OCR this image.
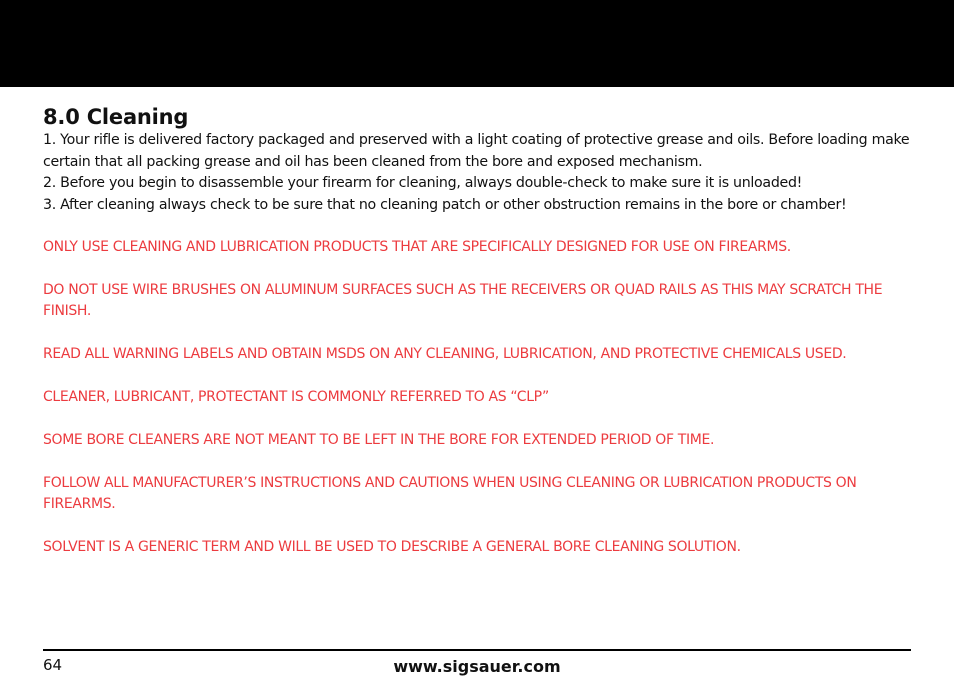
8.0 Cleaning
1. Your rifle is delivered factory packaged and preserved with a light coating of protective grease and oils. Before loading make certain that all packing grease and oil has been cleaned from the bore and exposed mechanism.
2. Before you begin to disassemble your firearm for cleaning, always double-check to make sure it is unloaded!
3. After cleaning always check to be sure that no cleaning patch or other obstruction remains in the bore or chamber!

ONLY USE CLEANING AND LUBRICATION PRODUCTS THAT ARE SPECIFICALLY DESIGNED FOR USE ON FIREARMS.

DO NOT USE WIRE BRUSHES ON ALUMINUM SURFACES SUCH AS THE RECEIVERS OR QUAD RAILS AS THIS MAY SCRATCH THE FINISH.

READ ALL WARNING LABELS AND OBTAIN MSDS ON ANY CLEANING, LUBRICATION, AND PROTECTIVE CHEMICALS USED.

CLEANER, LUBRICANT, PROTECTANT IS COMMONLY REFERRED TO AS “CLP”

SOME BORE CLEANERS ARE NOT MEANT TO BE LEFT IN THE BORE FOR EXTENDED PERIOD OF TIME.

FOLLOW ALL MANUFACTURER’S INSTRUCTIONS AND CAUTIONS WHEN USING CLEANING OR LUBRICATION PRODUCTS ON FIREARMS.

SOLVENT IS A GENERIC TERM AND WILL BE USED TO DESCRIBE A GENERAL BORE CLEANING SOLUTION.

64	www.sigsauer.com
